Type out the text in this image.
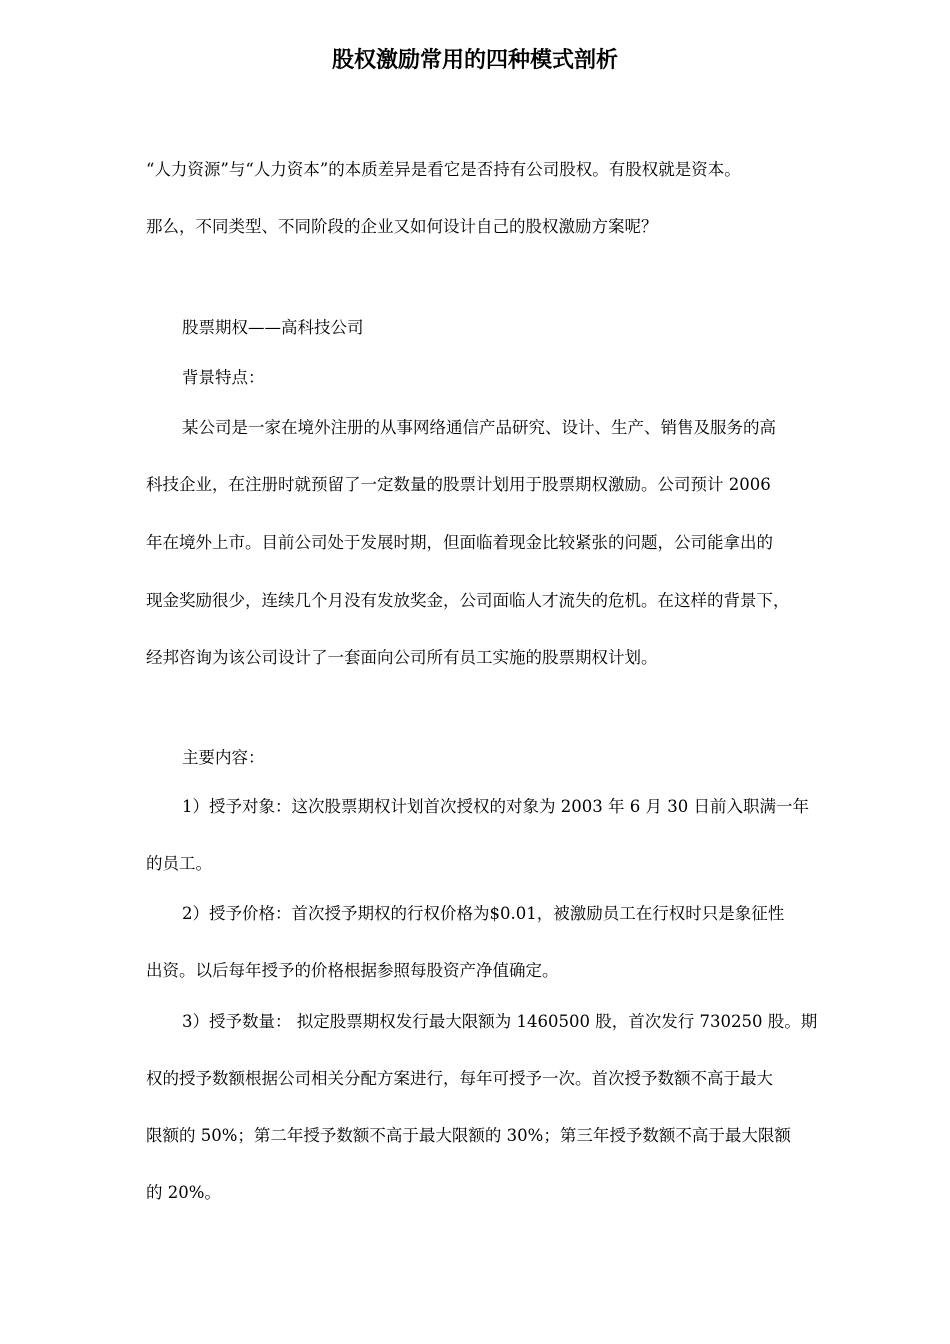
股权激励常用的四种模式剖析

“人力资源”与“人力资本”的本质差异是看它是否持有公司股权。有股权就是资本。

那么，不同类型、不同阶段的企业又如何设计自己的股权激励方案呢？

股票期权——高科技公司

背景特点：

某公司是一家在境外注册的从事网络通信产品研究、设计、生产、销售及服务的高

科技企业，在注册时就预留了一定数量的股票计划用于股票期权激励。公司预计 2006

年在境外上市。目前公司处于发展时期，但面临着现金比较紧张的问题，公司能拿出的

现金奖励很少，连续几个月没有发放奖金，公司面临人才流失的危机。在这样的背景下，

经邦咨询为该公司设计了一套面向公司所有员工实施的股票期权计划。

主要内容：

1）授予对象：这次股票期权计划首次授权的对象为 2003 年 6 月 30 日前入职满一年

的员工。

2）授予价格：首次授予期权的行权价格为$0.01，被激励员工在行权时只是象征性

出资。以后每年授予的价格根据参照每股资产净值确定。

3）授予数量： 拟定股票期权发行最大限额为 1460500 股，首次发行 730250 股。期

权的授予数额根据公司相关分配方案进行，每年可授予一次。首次授予数额不高于最大

限额的 50%；第二年授予数额不高于最大限额的 30%；第三年授予数额不高于最大限额

的 20%。
